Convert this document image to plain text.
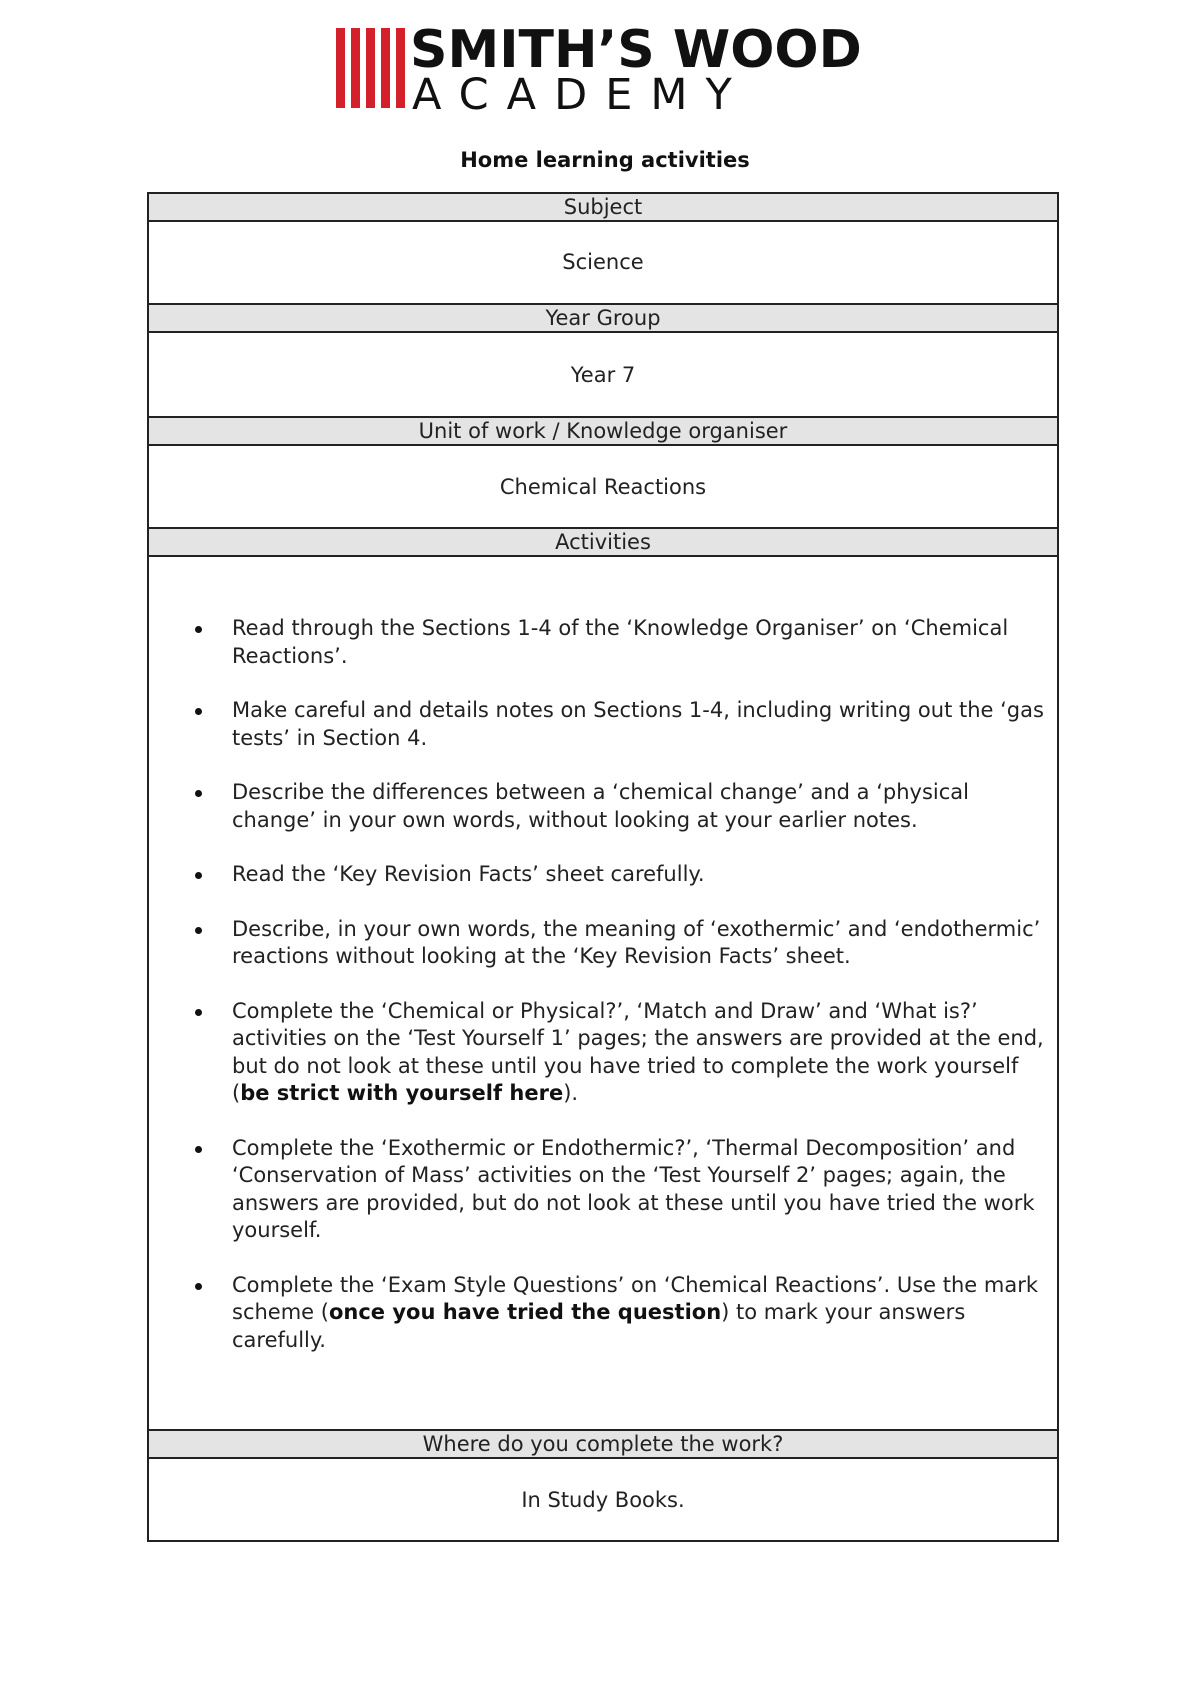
SMITH’S WOOD
ACADEMY
Home learning activities
Subject
Science
Year Group
Year 7
Unit of work / Knowledge organiser
Chemical Reactions
Activities
Read through the Sections 1-4 of the ‘Knowledge Organiser’ on ‘Chemical Reactions’.
Make careful and details notes on Sections 1-4, including writing out the ‘gas tests’ in Section 4.
Describe the differences between a ‘chemical change’ and a ‘physical change’ in your own words, without looking at your earlier notes.
Read the ‘Key Revision Facts’ sheet carefully.
Describe, in your own words, the meaning of ‘exothermic’ and ‘endothermic’ reactions without looking at the ‘Key Revision Facts’ sheet.
Complete the ‘Chemical or Physical?’, ‘Match and Draw’ and ‘What is?’ activities on the ‘Test Yourself 1’ pages; the answers are provided at the end, but do not look at these until you have tried to complete the work yourself (be strict with yourself here).
Complete the ‘Exothermic or Endothermic?’, ‘Thermal Decomposition’ and ‘Conservation of Mass’ activities on the ‘Test Yourself 2’ pages; again, the answers are provided, but do not look at these until you have tried the work yourself.
Complete the ‘Exam Style Questions’ on ‘Chemical Reactions’. Use the mark scheme (once you have tried the question) to mark your answers carefully.
Where do you complete the work?
In Study Books.
